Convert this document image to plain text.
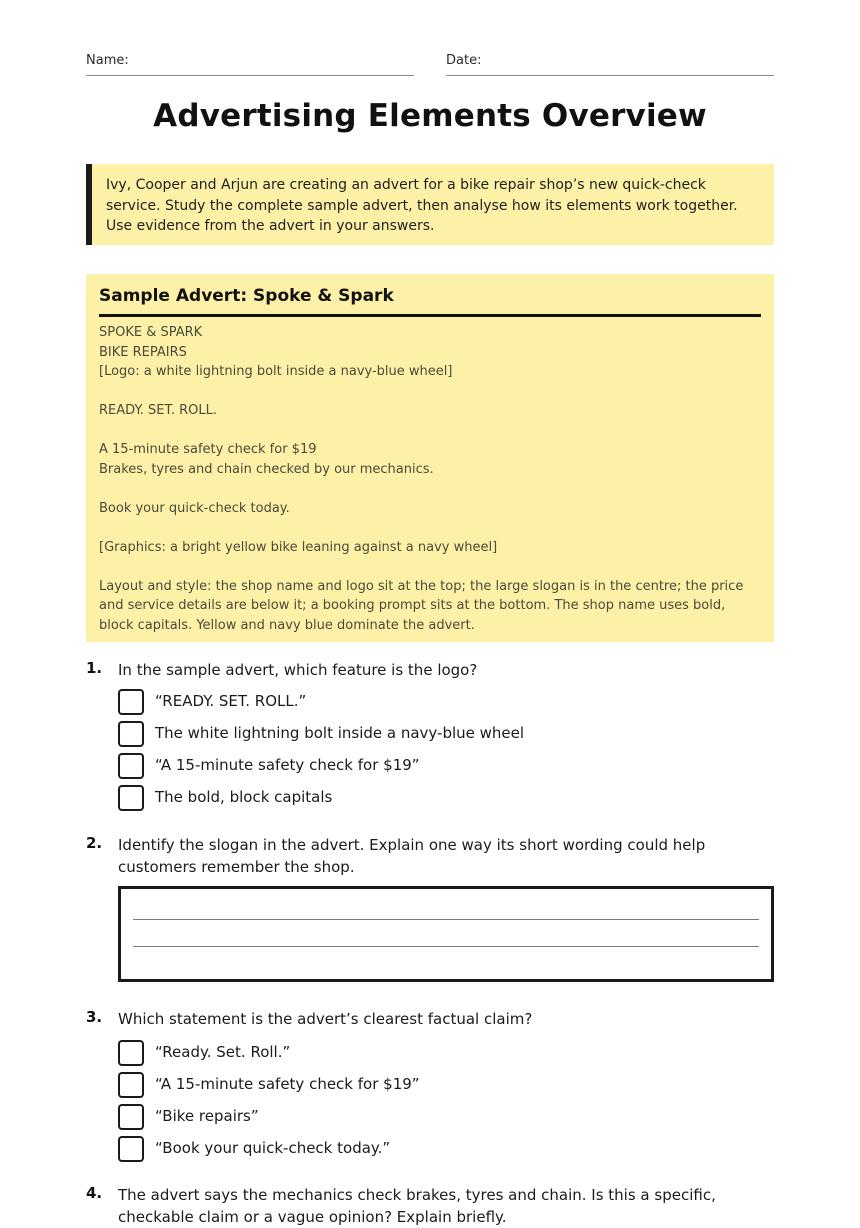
Name:	Date:
Advertising Elements Overview
Ivy, Cooper and Arjun are creating an advert for a bike repair shop’s new quick-check service. Study the complete sample advert, then analyse how its elements work together. Use evidence from the advert in your answers.
Sample Advert: Spoke & Spark
SPOKE & SPARK
BIKE REPAIRS
[Logo: a white lightning bolt inside a navy-blue wheel]
READY. SET. ROLL.
A 15-minute safety check for $19
Brakes, tyres and chain checked by our mechanics.
Book your quick-check today.
[Graphics: a bright yellow bike leaning against a navy wheel]
Layout and style: the shop name and logo sit at the top; the large slogan is in the centre; the price and service details are below it; a booking prompt sits at the bottom. The shop name uses bold, block capitals. Yellow and navy blue dominate the advert.
1. In the sample advert, which feature is the logo?
“READY. SET. ROLL.”
The white lightning bolt inside a navy-blue wheel
“A 15-minute safety check for $19”
The bold, block capitals
2. Identify the slogan in the advert. Explain one way its short wording could help customers remember the shop.
3. Which statement is the advert’s clearest factual claim?
“Ready. Set. Roll.”
“A 15-minute safety check for $19”
“Bike repairs”
“Book your quick-check today.”
4. The advert says the mechanics check brakes, tyres and chain. Is this a specific, checkable claim or a vague opinion? Explain briefly.
